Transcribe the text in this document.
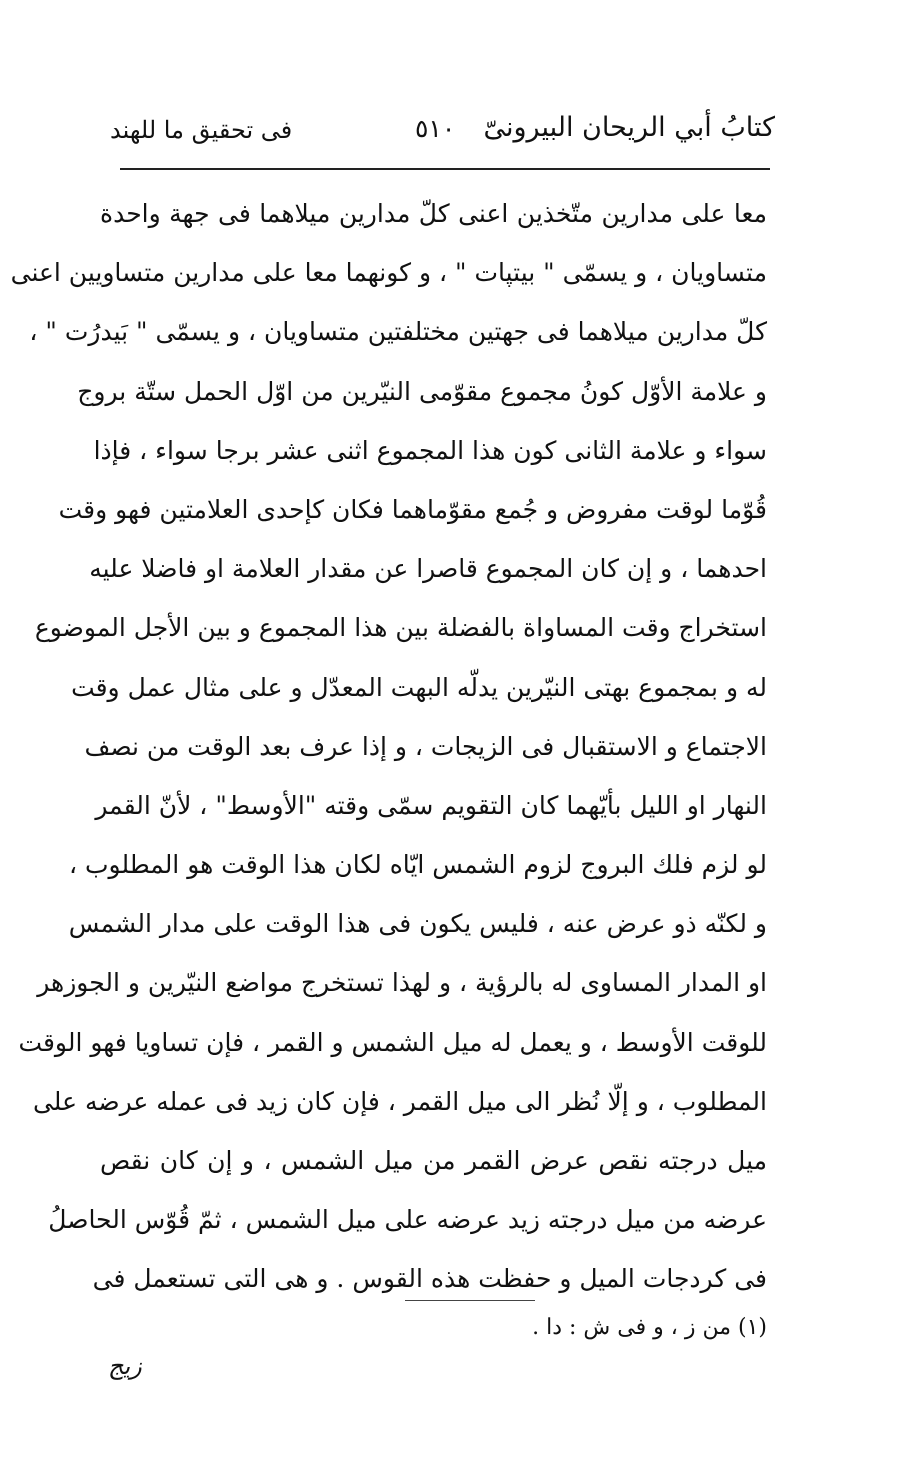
كتابُ أبي الريحان البيرونىّ
٥١٠
فى تحقيق ما للهند
معا على مدارين متّخذين اعنى كلّ مدارين ميلاهما فى جهة واحدة
متساويان ، و يسمّى " بيتپات " ، و كونهما معا على مدارين متساويين اعنى
كلّ مدارين ميلاهما فى جهتين مختلفتين متساويان ، و يسمّى " بَيدرُت " ،
و علامة الأوّل كونُ مجموع مقوّمى النيّرين من اوّل الحمل ستّة بروج
سواء و علامة الثانى كون هذا المجموع اثنى عشر برجا سواء ، فإذا
قُوّما لوقت مفروض و جُمع مقوّماهما فكان كإحدى العلامتين فهو وقت
احدهما ، و إن كان المجموع قاصرا عن مقدار العلامة او فاضلا عليه
استخراج وقت المساواة بالفضلة بين هذا المجموع و بين الأجل الموضوع
له و بمجموع بهتى النيّرين يدلّه البهت المعدّل و على مثال عمل وقت
الاجتماع و الاستقبال فى الزيجات ، و إذا عرف بعد الوقت من نصف
النهار او الليل بأيّهما كان التقويم سمّى وقته "الأوسط" ، لأنّ القمر
لو لزم فلك البروج لزوم الشمس ايّاه لكان هذا الوقت هو المطلوب ،
و لكنّه ذو عرض عنه ، فليس يكون فى هذا الوقت على مدار الشمس
او المدار المساوى له بالرؤية ، و لهذا تستخرج مواضع النيّرين و الجوزهر
للوقت الأوسط ، و يعمل له ميل الشمس و القمر ، فإن تساويا فهو الوقت
المطلوب ، و إلّا نُظر الى ميل القمر ، فإن كان زيد فى عمله عرضه على
ميل درجته نقص عرض القمر من ميل الشمس ، و إن كان نقص
عرضه من ميل درجته زيد عرضه على ميل الشمس ، ثمّ قُوّس الحاصلُ
فى كردجات الميل و حفظت هذه القوس . و هى التى تستعمل فى
(١) من ز ، و فى ش : دا .
زيج
